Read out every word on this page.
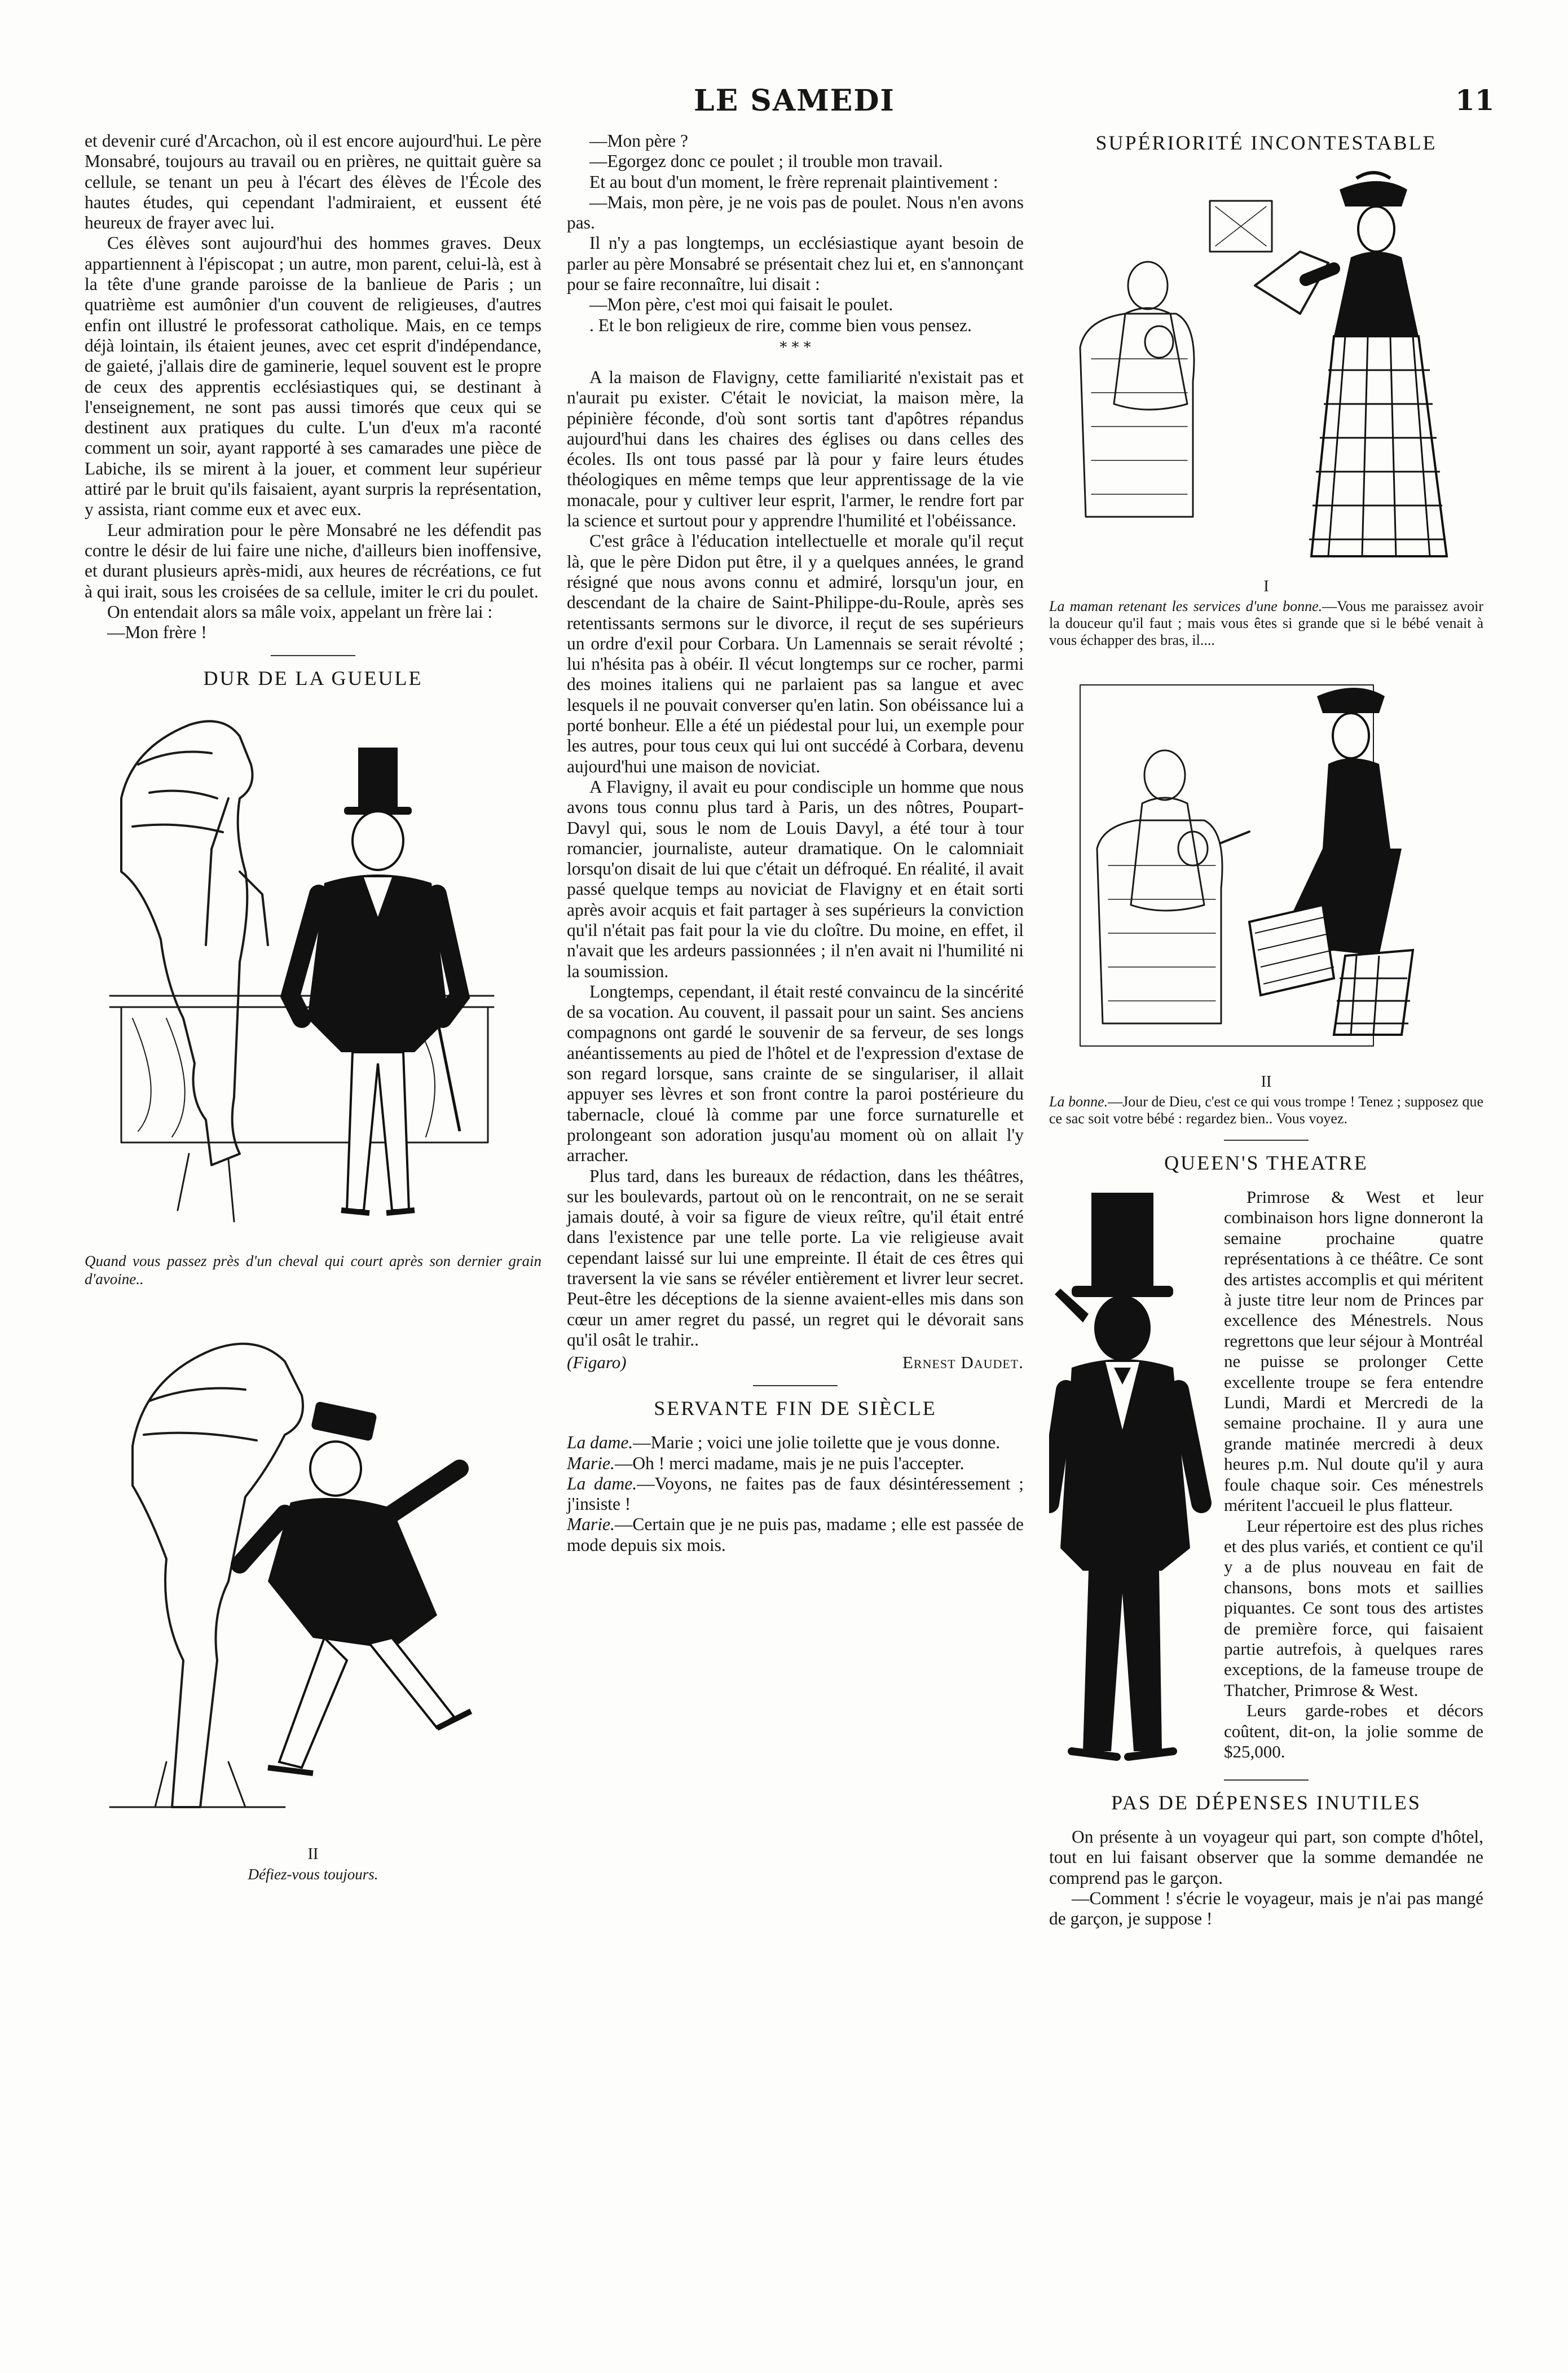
LE SAMEDI	11

et devenir curé d'Arcachon, où il est encore aujourd'hui. Le père Monsabré, toujours au travail ou en prières, ne quittait guère sa cellule, se tenant un peu à l'écart des élèves de l'École des hautes études, qui cependant l'admiraient, et eussent été heureux de frayer avec lui.

Ces élèves sont aujourd'hui des hommes graves. Deux appartiennent à l'épiscopat ; un autre, mon parent, celui-là, est à la tête d'une grande paroisse de la banlieue de Paris ; un quatrième est aumônier d'un couvent de religieuses, d'autres enfin ont illustré le professorat catholique. Mais, en ce temps déjà lointain, ils étaient jeunes, avec cet esprit d'indépendance, de gaieté, j'allais dire de gaminerie, lequel souvent est le propre de ceux des apprentis ecclésiastiques qui, se destinant à l'enseignement, ne sont pas aussi timorés que ceux qui se destinent aux pratiques du culte. L'un d'eux m'a raconté comment un soir, ayant rapporté à ses camarades une pièce de Labiche, ils se mirent à la jouer, et comment leur supérieur attiré par le bruit qu'ils faisaient, ayant surpris la représentation, y assista, riant comme eux et avec eux.

Leur admiration pour le père Monsabré ne les défendit pas contre le désir de lui faire une niche, d'ailleurs bien inoffensive, et durant plusieurs après-midi, aux heures de récréations, ce fut à qui irait, sous les croisées de sa cellule, imiter le cri du poulet.

On entendait alors sa mâle voix, appelant un frère lai :

—Mon frère !

DUR DE LA GUEULE
Quand vous passez près d'un cheval qui court après son dernier grain d'avoine..
II
Défiez-vous toujours.

—Mon père ?

—Egorgez donc ce poulet ; il trouble mon travail.

Et au bout d'un moment, le frère reprenait plaintivement :

—Mais, mon père, je ne vois pas de poulet. Nous n'en avons pas.

Il n'y a pas longtemps, un ecclésiastique ayant besoin de parler au père Monsabré se présentait chez lui et, en s'annonçant pour se faire reconnaître, lui disait :

—Mon père, c'est moi qui faisait le poulet.

. Et le bon religieux de rire, comme bien vous pensez.

* * *

A la maison de Flavigny, cette familiarité n'existait pas et n'aurait pu exister. C'était le noviciat, la maison mère, la pépinière féconde, d'où sont sortis tant d'apôtres répandus aujourd'hui dans les chaires des églises ou dans celles des écoles. Ils ont tous passé par là pour y faire leurs études théologiques en même temps que leur apprentissage de la vie monacale, pour y cultiver leur esprit, l'armer, le rendre fort par la science et surtout pour y apprendre l'humilité et l'obéissance.

C'est grâce à l'éducation intellectuelle et morale qu'il reçut là, que le père Didon put être, il y a quelques années, le grand résigné que nous avons connu et admiré, lorsqu'un jour, en descendant de la chaire de Saint-Philippe-du-Roule, après ses retentissants sermons sur le divorce, il reçut de ses supérieurs un ordre d'exil pour Corbara. Un Lamennais se serait révolté ; lui n'hésita pas à obéir. Il vécut longtemps sur ce rocher, parmi des moines italiens qui ne parlaient pas sa langue et avec lesquels il ne pouvait converser qu'en latin. Son obéissance lui a porté bonheur. Elle a été un piédestal pour lui, un exemple pour les autres, pour tous ceux qui lui ont succédé à Corbara, devenu aujourd'hui une maison de noviciat.

A Flavigny, il avait eu pour condisciple un homme que nous avons tous connu plus tard à Paris, un des nôtres, Poupart-Davyl qui, sous le nom de Louis Davyl, a été tour à tour romancier, journaliste, auteur dramatique. On le calomniait lorsqu'on disait de lui que c'était un défroqué. En réalité, il avait passé quelque temps au noviciat de Flavigny et en était sorti après avoir acquis et fait partager à ses supérieurs la conviction qu'il n'était pas fait pour la vie du cloître. Du moine, en effet, il n'avait que les ardeurs passionnées ; il n'en avait ni l'humilité ni la soumission.

Longtemps, cependant, il était resté convaincu de la sincérité de sa vocation. Au couvent, il passait pour un saint. Ses anciens compagnons ont gardé le souvenir de sa ferveur, de ses longs anéantissements au pied de l'hôtel et de l'expression d'extase de son regard lorsque, sans crainte de se singulariser, il allait appuyer ses lèvres et son front contre la paroi postérieure du tabernacle, cloué là comme par une force surnaturelle et prolongeant son adoration jusqu'au moment où on allait l'y arracher.

Plus tard, dans les bureaux de rédaction, dans les théâtres, sur les boulevards, partout où on le rencontrait, on ne se serait jamais douté, à voir sa figure de vieux reître, qu'il était entré dans l'existence par une telle porte. La vie religieuse avait cependant laissé sur lui une empreinte. Il était de ces êtres qui traversent la vie sans se révéler entièrement et livrer leur secret. Peut-être les déceptions de la sienne avaient-elles mis dans son cœur un amer regret du passé, un regret qui le dévorait sans qu'il osât le trahir..

(Figaro)	Ernest Daudet.
SERVANTE FIN DE SIÈCLE

La dame.—Marie ; voici une jolie toilette que je vous donne.

Marie.—Oh ! merci madame, mais je ne puis l'accepter.

La dame.—Voyons, ne faites pas de faux désintéressement ; j'insiste !

Marie.—Certain que je ne puis pas, madame ; elle est passée de mode depuis six mois.

SUPÉRIORITÉ INCONTESTABLE
I
La maman retenant les services d'une bonne.—Vous me paraissez avoir la douceur qu'il faut ; mais vous êtes si grande que si le bébé venait à vous échapper des bras, il....
II
La bonne.—Jour de Dieu, c'est ce qui vous trompe ! Tenez ; supposez que ce sac soit votre bébé : regardez bien.. Vous voyez.
QUEEN'S THEATRE

Primrose & West et leur combinaison hors ligne donneront la semaine prochaine quatre représentations à ce théâtre. Ce sont des artistes accomplis et qui méritent à juste titre leur nom de Princes par excellence des Ménestrels. Nous regrettons que leur séjour à Montréal ne puisse se prolonger Cette excellente troupe se fera entendre Lundi, Mardi et Mercredi de la semaine prochaine. Il y aura une grande matinée mercredi à deux heures p.m. Nul doute qu'il y aura foule chaque soir. Ces ménestrels méritent l'accueil le plus flatteur.

Leur répertoire est des plus riches et des plus variés, et contient ce qu'il y a de plus nouveau en fait de chansons, bons mots et saillies piquantes. Ce sont tous des artistes de première force, qui faisaient partie autrefois, à quelques rares exceptions, de la fameuse troupe de Thatcher, Primrose & West.

Leurs garde-robes et décors coûtent, dit-on, la jolie somme de $25,000.

PAS DE DÉPENSES INUTILES

On présente à un voyageur qui part, son compte d'hôtel, tout en lui faisant observer que la somme demandée ne comprend pas le garçon.

—Comment ! s'écrie le voyageur, mais je n'ai pas mangé de garçon, je suppose !
